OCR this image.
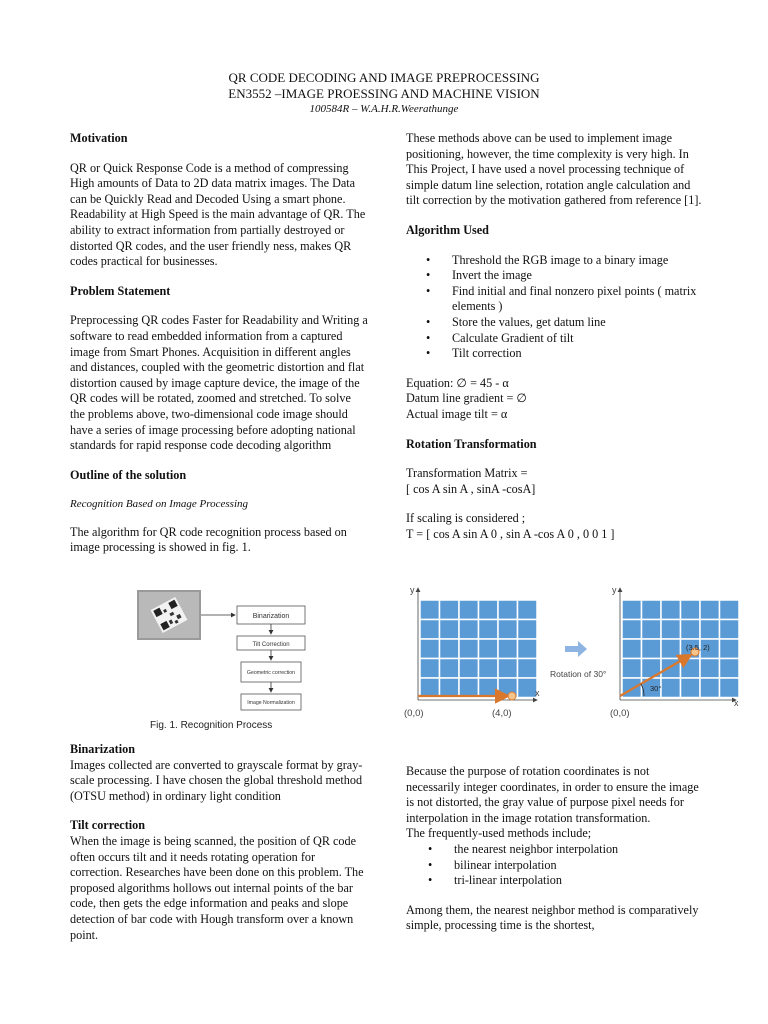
QR CODE DECODING AND IMAGE PREPROCESSING
EN3552 –IMAGE PROESSING AND MACHINE VISION
100584R – W.A.H.R.Weerathunge

Motivation

QR or Quick Response Code is a method of compressing High amounts of Data to 2D data matrix images. The Data can be Quickly Read and Decoded Using a smart phone.

Readability at High Speed is the main advantage of QR. The ability to extract information from partially destroyed or distorted QR codes, and the user friendly ness, makes QR codes practical for businesses.

Problem Statement

Preprocessing QR codes Faster for Readability and Writing a software to read embedded information from a captured image from Smart Phones. Acquisition in different angles and distances, coupled with the geometric distortion and flat distortion caused by image capture device, the image of the QR codes will be rotated, zoomed and stretched. To solve the problems above, two-dimensional code image should have a series of image processing before adopting national standards for rapid response code decoding algorithm

Outline of the solution

Recognition Based on Image Processing

The algorithm for QR code recognition process based on image processing is showed in fig. 1.

Binarization
Tilt Correction
Geometric correction
Image Normalization
Fig. 1. Recognition Process

Binarization

Images collected are converted to grayscale format by gray-scale processing. I have chosen the global threshold method (OTSU method) in ordinary light condition

Tilt correction

When the image is being scanned, the position of QR code often occurs tilt and it needs rotating operation for correction. Researches have been done on this problem. The proposed algorithms hollows out internal points of the bar code, then gets the edge information and peaks and slope detection of bar code with Hough transform over a known point.

These methods above can be used to implement image positioning, however, the time complexity is very high. In This Project, I have used a novel processing technique of simple datum line selection, rotation angle calculation and tilt correction by the motivation gathered from reference [1].

Algorithm Used

• Threshold the RGB image to a binary image
• Invert the image
• Find initial and final nonzero pixel points ( matrix elements )
• Store the values, get datum line
• Calculate Gradient of tilt
• Tilt correction

Equation: ∅ = 45 - α

Datum line gradient = ∅

Actual image tilt = α

Rotation Transformation

Transformation Matrix =

[ cos A sin A , sinA -cosA]

If scaling is considered ;

T = [ cos A sin A 0 , sin A -cos A 0 , 0 0 1 ]

y
x
(0,0)	(4,0)
Rotation of 30°
y
x
(0,0)
(3.5, 2)
30°

Because the purpose of rotation coordinates is not necessarily integer coordinates, in order to ensure the image is not distorted, the gray value of purpose pixel needs for interpolation in the image rotation transformation.

The frequently-used methods include;

• the nearest neighbor interpolation
• bilinear interpolation
• tri-linear interpolation

Among them, the nearest neighbor method is comparatively simple, processing time is the shortest,
